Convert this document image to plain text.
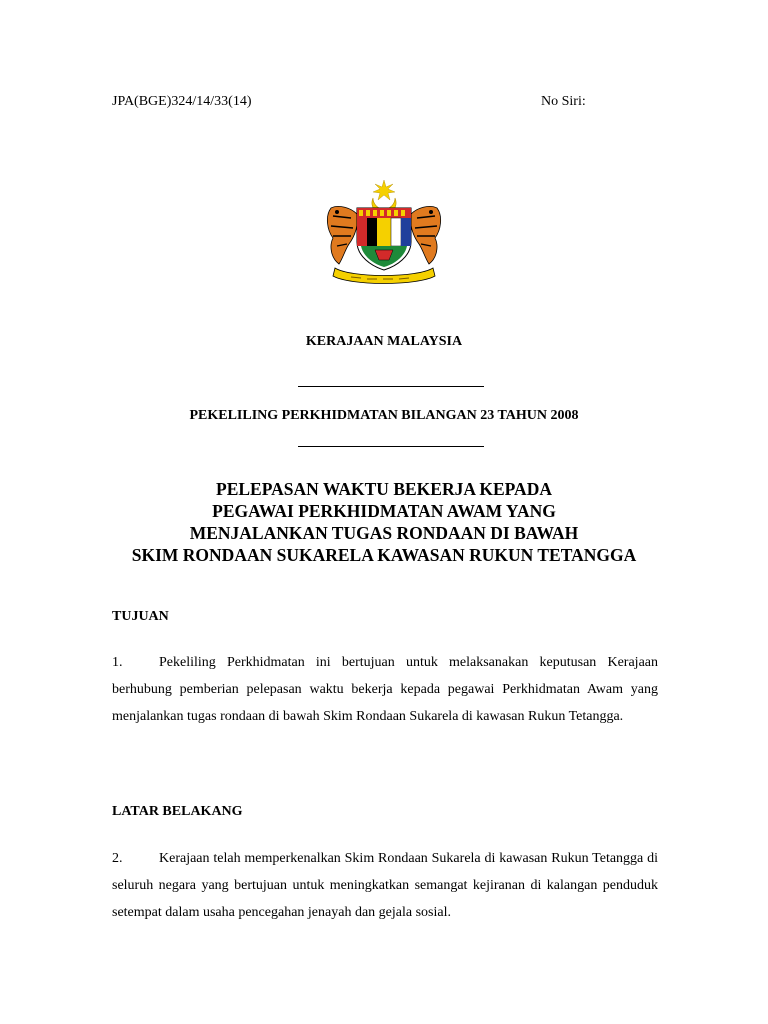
JPA(BGE)324/14/33(14)	No Siri:
KERAJAAN MALAYSIA
PEKELILING PERKHIDMATAN BILANGAN 23 TAHUN 2008
PELEPASAN WAKTU BEKERJA KEPADA
PEGAWAI PERKHIDMATAN AWAM YANG
MENJALANKAN TUGAS RONDAAN DI BAWAH
SKIM RONDAAN SUKARELA KAWASAN RUKUN TETANGGA
TUJUAN
1.	Pekeliling Perkhidmatan ini bertujuan untuk melaksanakan keputusan Kerajaan berhubung pemberian pelepasan waktu bekerja kepada pegawai Perkhidmatan Awam yang menjalankan tugas rondaan di bawah Skim Rondaan Sukarela di kawasan Rukun Tetangga.
LATAR BELAKANG
2.	Kerajaan telah memperkenalkan Skim Rondaan Sukarela di kawasan Rukun Tetangga di seluruh negara yang bertujuan untuk meningkatkan semangat kejiranan di kalangan penduduk setempat dalam usaha pencegahan jenayah dan gejala sosial.
